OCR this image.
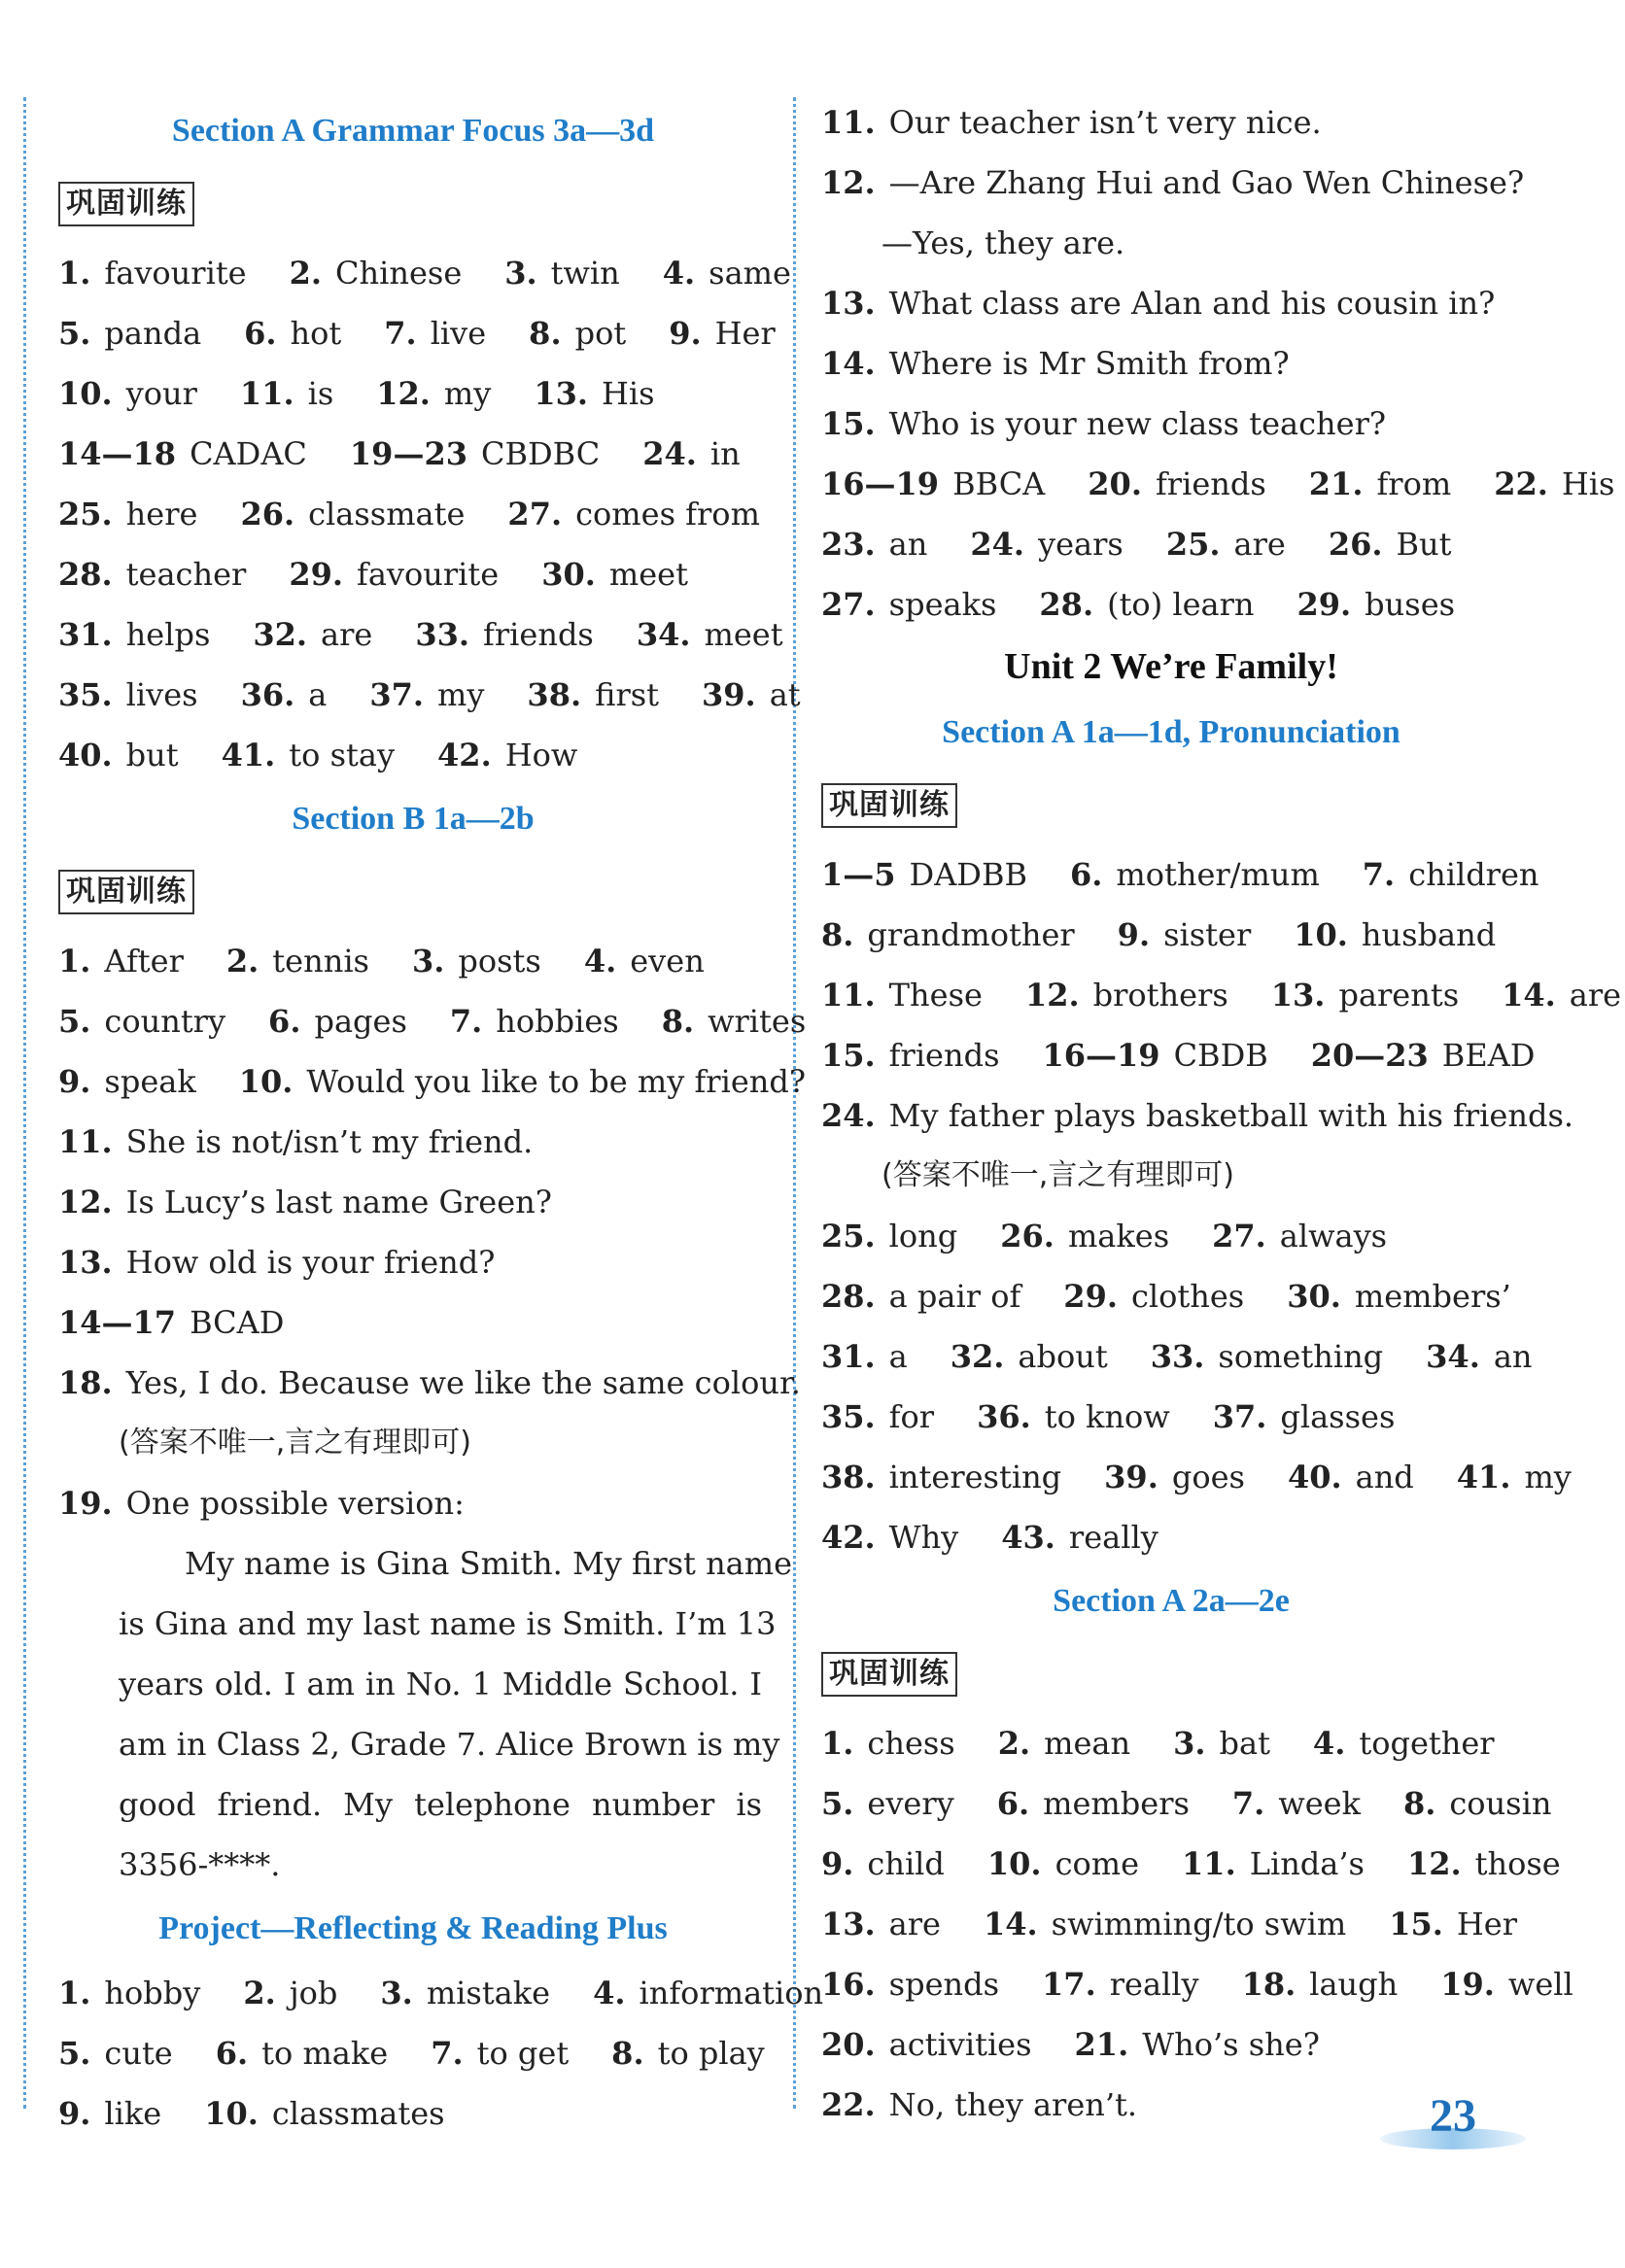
Section A Grammar Focus 3a—3d
巩固训练
1. favourite 2. Chinese 3. twin 4. same
5. panda 6. hot 7. live 8. pot 9. Her
10. your 11. is 12. my 13. His
14—18 CADAC 19—23 CBDBC 24. in
25. here 26. classmate 27. comes from
28. teacher 29. favourite 30. meet
31. helps 32. are 33. friends 34. meet
35. lives 36. a 37. my 38. first 39. at
40. but 41. to stay 42. How
Section B 1a—2b
巩固训练
1. After 2. tennis 3. posts 4. even
5. country 6. pages 7. hobbies 8. writes
9. speak 10. Would you like to be my friend?
11. She is not/isn’t my friend.
12. Is Lucy’s last name Green?
13. How old is your friend?
14—17 BCAD
18. Yes, I do. Because we like the same colour.
(答案不唯一,言之有理即可)
19. One possible version:
My name is Gina Smith. My first name
is Gina and my last name is Smith. I’m 13
years old. I am in No. 1 Middle School. I
am in Class 2, Grade 7. Alice Brown is my
good friend. My telephone number is
3356-****.
Project—Reflecting & Reading Plus
1. hobby 2. job 3. mistake 4. information
5. cute 6. to make 7. to get 8. to play
9. like 10. classmates
11. Our teacher isn’t very nice.
12. —Are Zhang Hui and Gao Wen Chinese?
—Yes, they are.
13. What class are Alan and his cousin in?
14. Where is Mr Smith from?
15. Who is your new class teacher?
16—19 BBCA 20. friends 21. from 22. His
23. an 24. years 25. are 26. But
27. speaks 28. (to) learn 29. buses
Unit 2 We’re Family!
Section A 1a—1d, Pronunciation
巩固训练
1—5 DADBB 6. mother/mum 7. children
8. grandmother 9. sister 10. husband
11. These 12. brothers 13. parents 14. are
15. friends 16—19 CBDB 20—23 BEAD
24. My father plays basketball with his friends.
(答案不唯一,言之有理即可)
25. long 26. makes 27. always
28. a pair of 29. clothes 30. members’
31. a 32. about 33. something 34. an
35. for 36. to know 37. glasses
38. interesting 39. goes 40. and 41. my
42. Why 43. really
Section A 2a—2e
巩固训练
1. chess 2. mean 3. bat 4. together
5. every 6. members 7. week 8. cousin
9. child 10. come 11. Linda’s 12. those
13. are 14. swimming/to swim 15. Her
16. spends 17. really 18. laugh 19. well
20. activities 21. Who’s she?
22. No, they aren’t.	23
